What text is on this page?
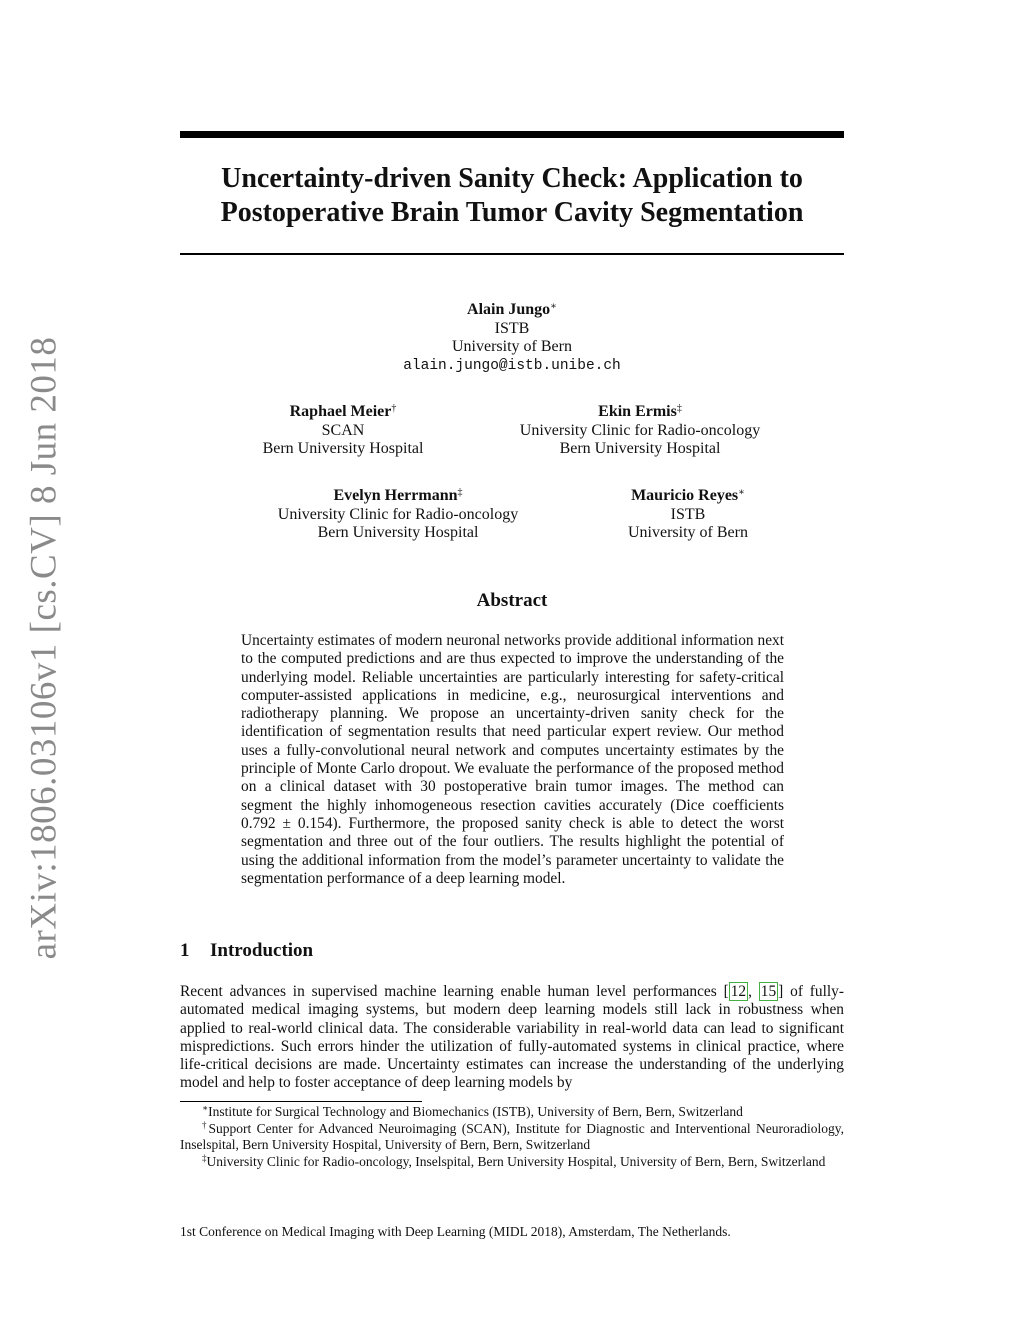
arXiv:1806.03106v1 [cs.CV] 8 Jun 2018
Uncertainty-driven Sanity Check: Application to
Postoperative Brain Tumor Cavity Segmentation
Alain Jungo∗
ISTB
University of Bern
alain.jungo@istb.unibe.ch
Raphael Meier†
SCAN
Bern University Hospital
Ekin Ermis‡
University Clinic for Radio-oncology
Bern University Hospital
Evelyn Herrmann‡
University Clinic for Radio-oncology
Bern University Hospital
Mauricio Reyes∗
ISTB
University of Bern
Abstract

Uncertainty estimates of modern neuronal networks provide additional information next to the computed predictions and are thus expected to improve the understanding of the underlying model. Reliable uncertainties are particularly interesting for safety-critical computer-assisted applications in medicine, e.g., neurosurgical interventions and radiotherapy planning. We propose an uncertainty-driven sanity check for the identification of segmentation results that need particular expert review. Our method uses a fully-convolutional neural network and computes uncertainty estimates by the principle of Monte Carlo dropout. We evaluate the performance of the proposed method on a clinical dataset with 30 postoperative brain tumor images. The method can segment the highly inhomogeneous resection cavities accurately (Dice coefficients 0.792 ± 0.154). Furthermore, the proposed sanity check is able to detect the worst segmentation and three out of the four outliers. The results highlight the potential of using the additional information from the model’s parameter uncertainty to validate the segmentation performance of a deep learning model.

1 Introduction

Recent advances in supervised machine learning enable human level performances [ 12 , 15 ] of fully-automated medical imaging systems, but modern deep learning models still lack in robustness when applied to real-world clinical data. The considerable variability in real-world data can lead to significant mispredictions. Such errors hinder the utilization of fully-automated systems in clinical practice, where life-critical decisions are made. Uncertainty estimates can increase the understanding of the underlying model and help to foster acceptance of deep learning models by

∗Institute for Surgical Technology and Biomechanics (ISTB), University of Bern, Bern, Switzerland
†Support Center for Advanced Neuroimaging (SCAN), Institute for Diagnostic and Interventional Neuroradiology, Inselspital, Bern University Hospital, University of Bern, Bern, Switzerland
‡University Clinic for Radio-oncology, Inselspital, Bern University Hospital, University of Bern, Bern, Switzerland
1st Conference on Medical Imaging with Deep Learning (MIDL 2018), Amsterdam, The Netherlands.
